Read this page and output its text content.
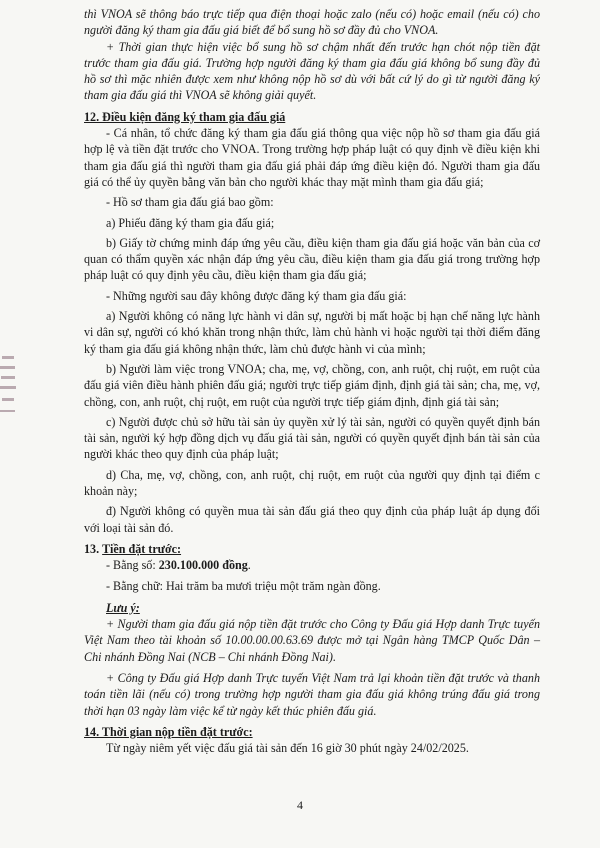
thì VNOA sẽ thông báo trực tiếp qua điện thoại hoặc zalo (nếu có) hoặc email (nếu có) cho người đăng ký tham gia đấu giá biết để bổ sung hồ sơ đầy đủ cho VNOA.

+ Thời gian thực hiện việc bổ sung hồ sơ chậm nhất đến trước hạn chót nộp tiền đặt trước tham gia đấu giá. Trường hợp người đăng ký tham gia đấu giá không bổ sung đầy đủ hồ sơ thì mặc nhiên được xem như không nộp hồ sơ dù với bất cứ lý do gì từ người đăng ký tham gia đấu giá thì VNOA sẽ không giải quyết.

12. Điều kiện đăng ký tham gia đấu giá

- Cá nhân, tổ chức đăng ký tham gia đấu giá thông qua việc nộp hồ sơ tham gia đấu giá hợp lệ và tiền đặt trước cho VNOA. Trong trường hợp pháp luật có quy định về điều kiện khi tham gia đấu giá thì người tham gia đấu giá phải đáp ứng điều kiện đó. Người tham gia đấu giá có thể ủy quyền bằng văn bản cho người khác thay mặt mình tham gia đấu giá;

- Hồ sơ tham gia đấu giá bao gồm:

a) Phiếu đăng ký tham gia đấu giá;

b) Giấy tờ chứng minh đáp ứng yêu cầu, điều kiện tham gia đấu giá hoặc văn bản của cơ quan có thẩm quyền xác nhận đáp ứng yêu cầu, điều kiện tham gia đấu giá trong trường hợp pháp luật có quy định yêu cầu, điều kiện tham gia đấu giá;

- Những người sau đây không được đăng ký tham gia đấu giá:

a) Người không có năng lực hành vi dân sự, người bị mất hoặc bị hạn chế năng lực hành vi dân sự, người có khó khăn trong nhận thức, làm chủ hành vi hoặc người tại thời điểm đăng ký tham gia đấu giá không nhận thức, làm chủ được hành vi của mình;

b) Người làm việc trong VNOA; cha, mẹ, vợ, chồng, con, anh ruột, chị ruột, em ruột của đấu giá viên điều hành phiên đấu giá; người trực tiếp giám định, định giá tài sản; cha, mẹ, vợ, chồng, con, anh ruột, chị ruột, em ruột của người trực tiếp giám định, định giá tài sản;

c) Người được chủ sở hữu tài sản ủy quyền xử lý tài sản, người có quyền quyết định bán tài sản, người ký hợp đồng dịch vụ đấu giá tài sản, người có quyền quyết định bán tài sản của người khác theo quy định của pháp luật;

d) Cha, mẹ, vợ, chồng, con, anh ruột, chị ruột, em ruột của người quy định tại điểm c khoản này;

đ) Người không có quyền mua tài sản đấu giá theo quy định của pháp luật áp dụng đối với loại tài sản đó.

13. Tiền đặt trước:

- Bằng số: 230.100.000 đồng.

- Bằng chữ: Hai trăm ba mươi triệu một trăm ngàn đồng.

Lưu ý:

+ Người tham gia đấu giá nộp tiền đặt trước cho Công ty Đấu giá Hợp danh Trực tuyến Việt Nam theo tài khoản số 10.00.00.00.63.69 được mở tại Ngân hàng TMCP Quốc Dân – Chi nhánh Đồng Nai (NCB – Chi nhánh Đồng Nai).

+ Công ty Đấu giá Hợp danh Trực tuyến Việt Nam trả lại khoản tiền đặt trước và thanh toán tiền lãi (nếu có) trong trường hợp người tham gia đấu giá không trúng đấu giá trong thời hạn 03 ngày làm việc kể từ ngày kết thúc phiên đấu giá.

14. Thời gian nộp tiền đặt trước:

Từ ngày niêm yết việc đấu giá tài sản đến 16 giờ 30 phút ngày 24/02/2025.

4
